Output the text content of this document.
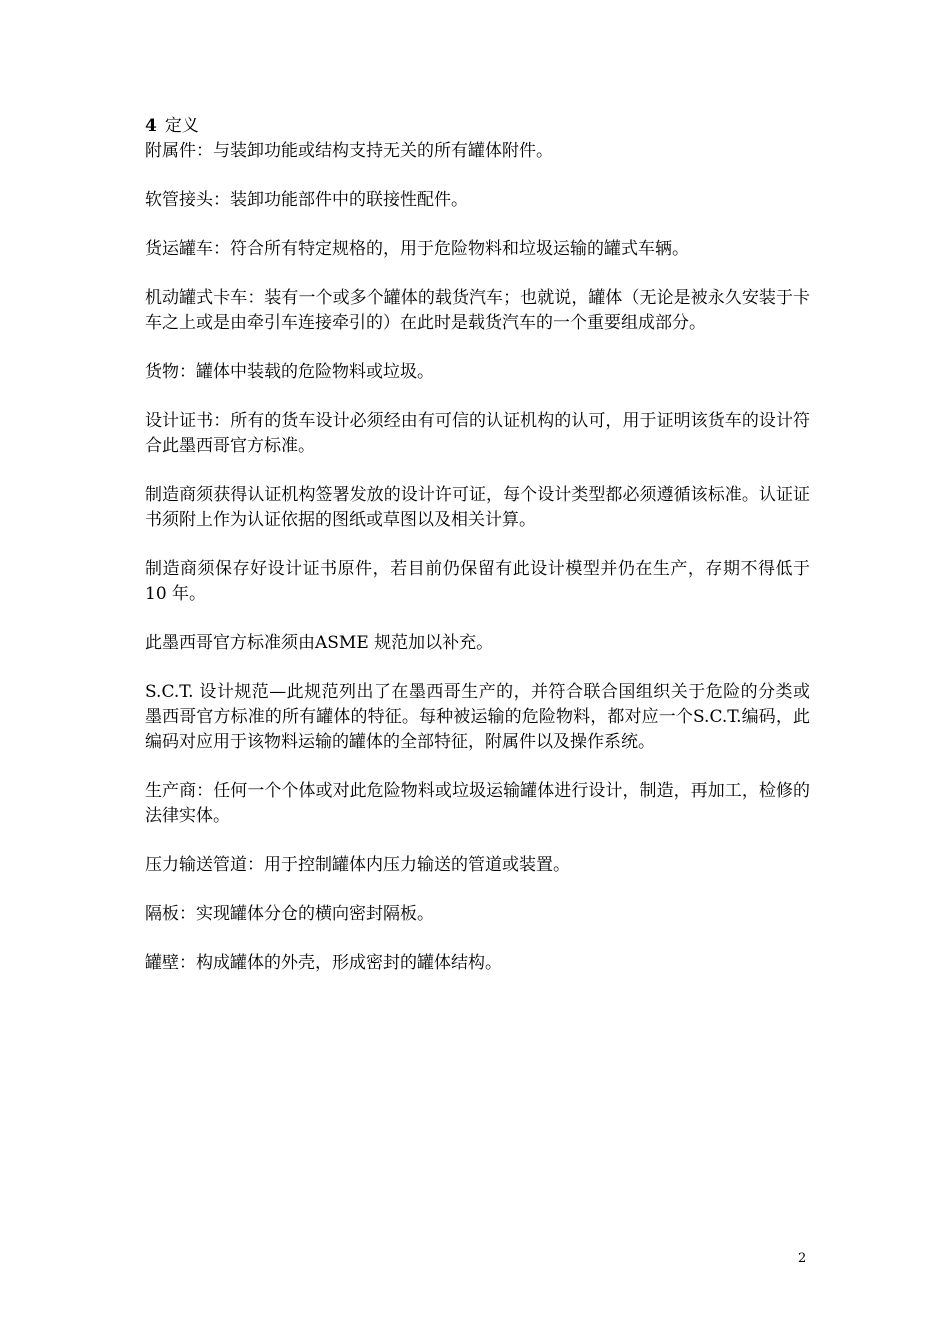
4 定义

附属件：与装卸功能或结构支持无关的所有罐体附件。

软管接头：装卸功能部件中的联接性配件。

货运罐车：符合所有特定规格的，用于危险物料和垃圾运输的罐式车辆。

机动罐式卡车：装有一个或多个罐体的载货汽车；也就说，罐体（无论是被永久安装于卡车之上或是由牵引车连接牵引的）在此时是载货汽车的一个重要组成部分。

货物：罐体中装载的危险物料或垃圾。

设计证书：所有的货车设计必须经由有可信的认证机构的认可，用于证明该货车的设计符合此墨西哥官方标准。

制造商须获得认证机构签署发放的设计许可证，每个设计类型都必须遵循该标准。认证证书须附上作为认证依据的图纸或草图以及相关计算。

制造商须保存好设计证书原件，若目前仍保留有此设计模型并仍在生产，存期不得低于 10 年。

此墨西哥官方标准须由ASME 规范加以补充。

S.C.T. 设计规范—此规范列出了在墨西哥生产的，并符合联合国组织关于危险的分类或墨西哥官方标准的所有罐体的特征。每种被运输的危险物料，都对应一个S.C.T.编码，此编码对应用于该物料运输的罐体的全部特征，附属件以及操作系统。

生产商：任何一个个体或对此危险物料或垃圾运输罐体进行设计，制造，再加工，检修的法律实体。

压力输送管道：用于控制罐体内压力输送的管道或装置。

隔板：实现罐体分仓的横向密封隔板。

罐壁：构成罐体的外壳，形成密封的罐体结构。

2
